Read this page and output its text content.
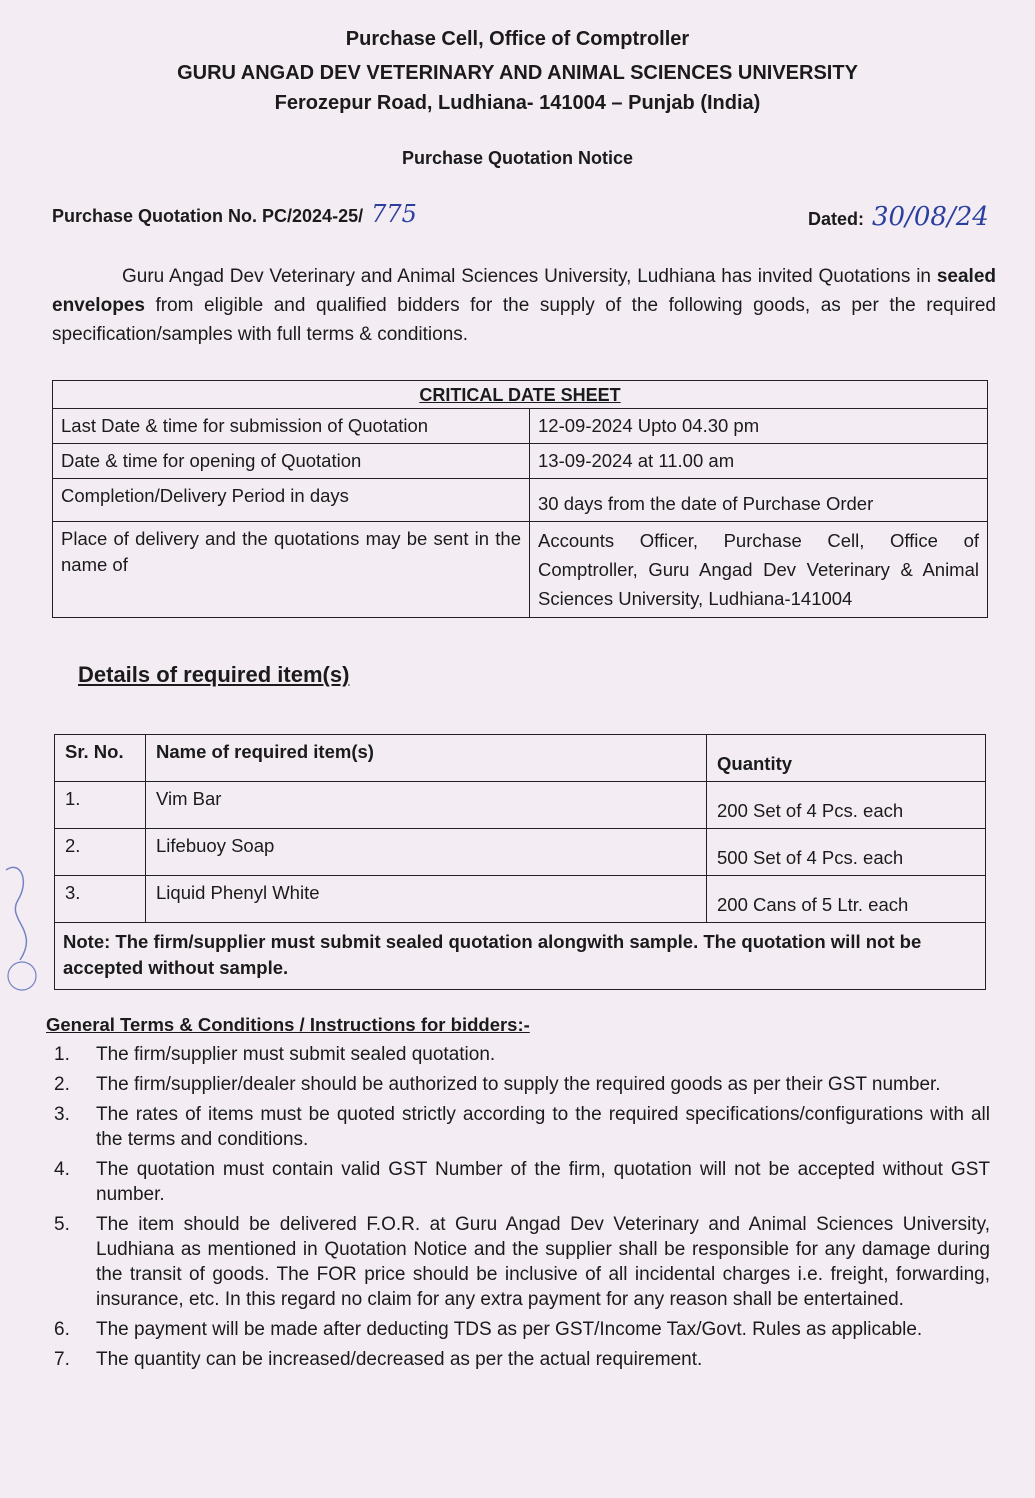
Purchase Cell, Office of Comptroller
GURU ANGAD DEV VETERINARY AND ANIMAL SCIENCES UNIVERSITY
Ferozepur Road, Ludhiana- 141004 – Punjab (India)
Purchase Quotation Notice
Purchase Quotation No. PC/2024-25/ 775	Dated: 30/08/24
Guru Angad Dev Veterinary and Animal Sciences University, Ludhiana has invited Quotations in sealed envelopes from eligible and qualified bidders for the supply of the following goods, as per the required specification/samples with full terms & conditions.
CRITICAL DATE SHEET	
Last Date & time for submission of Quotation	12-09-2024 Upto 04.30 pm
Date & time for opening of Quotation	13-09-2024 at 11.00 am
Completion/Delivery Period in days	30 days from the date of Purchase Order
Place of delivery and the quotations may be sent in the name of	Accounts Officer, Purchase Cell, Office of Comptroller, Guru Angad Dev Veterinary & Animal Sciences University, Ludhiana-141004
Details of required item(s)
Sr. No.	Name of required item(s)	Quantity
1.	Vim Bar	200 Set of 4 Pcs. each
2.	Lifebuoy Soap	500 Set of 4 Pcs. each
3.	Liquid Phenyl White	200 Cans of 5 Ltr. each
Note: The firm/supplier must submit sealed quotation alongwith sample. The quotation will not be accepted without sample.		
General Terms & Conditions / Instructions for bidders:-
1. The firm/supplier must submit sealed quotation.
2. The firm/supplier/dealer should be authorized to supply the required goods as per their GST number.
3. The rates of items must be quoted strictly according to the required specifications/configurations with all the terms and conditions.
4. The quotation must contain valid GST Number of the firm, quotation will not be accepted without GST number.
5. The item should be delivered F.O.R. at Guru Angad Dev Veterinary and Animal Sciences University, Ludhiana as mentioned in Quotation Notice and the supplier shall be responsible for any damage during the transit of goods. The FOR price should be inclusive of all incidental charges i.e. freight, forwarding, insurance, etc. In this regard no claim for any extra payment for any reason shall be entertained.
6. The payment will be made after deducting TDS as per GST/Income Tax/Govt. Rules as applicable.
7. The quantity can be increased/decreased as per the actual requirement.
